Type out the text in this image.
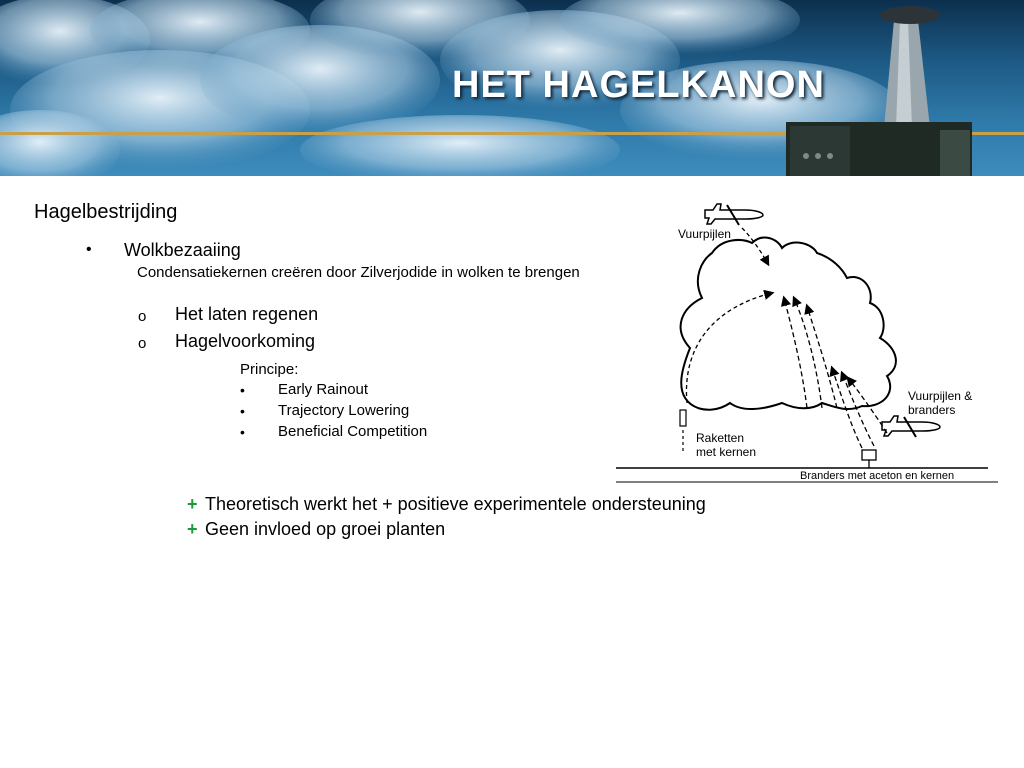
HET HAGELKANON
Hagelbestrijding
• Wolkbezaaiing
Condensatiekernen creëren door Zilverjodide in wolken te brengen
o Het laten regenen
o Hagelvoorkoming
Principe:
• Early Rainout
• Trajectory Lowering
• Beneficial Competition
+ Theoretisch werkt het + positieve experimentele ondersteuning
+ Geen invloed op groei planten
Vuurpijlen
Vuurpijlen &
branders
Raketten
met kernen
Branders met aceton en kernen
